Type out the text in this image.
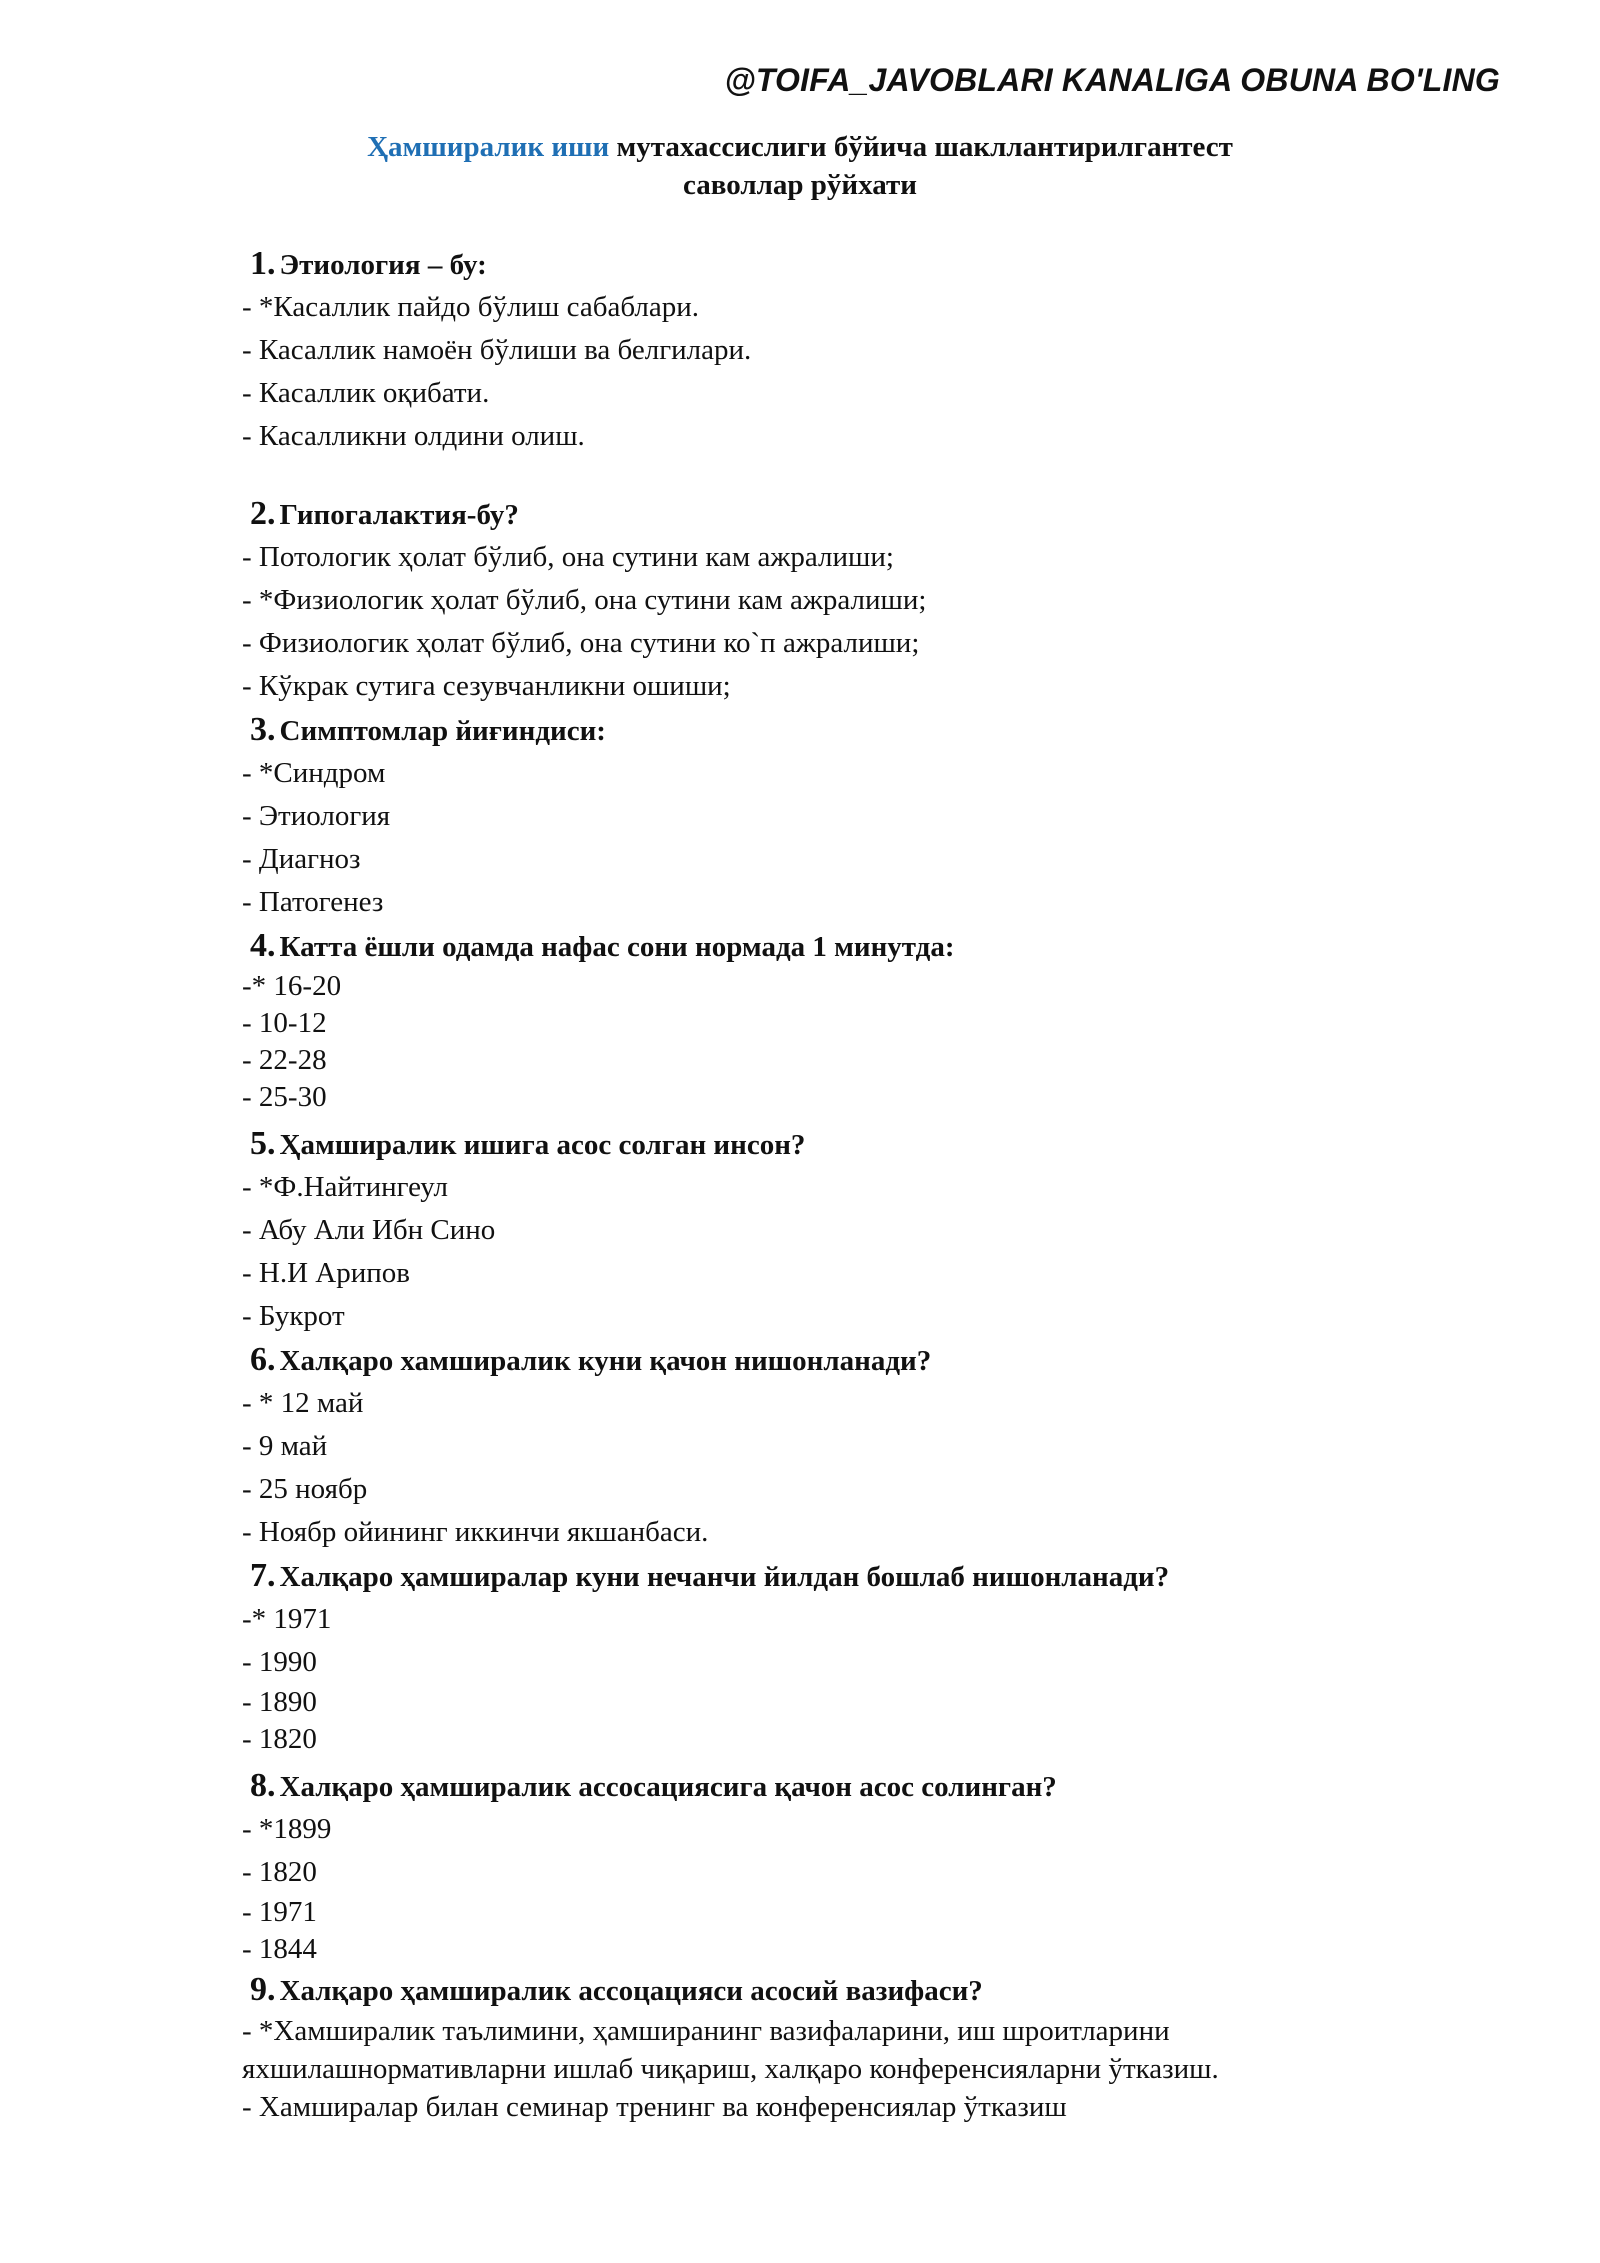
@TOIFA_JAVOBLARI KANALIGA OBUNA BO'LING
Ҳамширалик иши мутахассислиги бўйича шакллантирилгантест
саволлар рўйхати
1. Этиология – бу:
- *Касаллик пайдо бўлиш сабаблари.
- Касаллик намоён бўлиши ва белгилари.
- Касаллик оқибати.
- Касалликни олдини олиш.
2. Гипогалактия-бу?
- Потологик ҳолат бўлиб, она сутини кам ажралиши;
- *Физиологик ҳолат бўлиб, она сутини кам ажралиши;
- Физиологик ҳолат бўлиб, она сутини ко`п ажралиши;
- Кўкрак сутига сезувчанликни ошиши;
3. Симптомлар йиғиндиси:
- *Синдром
- Этиология
- Диагноз
- Патогенез
4. Катта ёшли одамда нафас сони нормада 1 минутда:
-* 16-20
- 10-12
- 22-28
- 25-30
5. Ҳамширалик ишига асос солган инсон?
- *Ф.Найтингеул
- Абу Али Ибн Сино
- Н.И Арипов
- Букрот
6. Халқаро хамширалик куни қачон нишонланади?
- * 12 май
- 9 май
- 25 ноябр
- Ноябр ойининг иккинчи якшанбаси.
7. Халқаро ҳамширалар куни нечанчи йилдан бошлаб нишонланади?
-* 1971
- 1990
- 1890
- 1820
8. Халқаро ҳамширалик ассосациясига қачон асос солинган?
- *1899
- 1820
- 1971
- 1844
9. Халқаро ҳамширалик ассоцацияси асосий вазифаси?
- *Хамширалик таълимини, ҳамширанинг вазифаларини, иш шроитларини яхшилашнормативларни ишлаб чиқариш, халқаро конференсияларни ўтказиш.
- Хамширалар билан семинар тренинг ва конференсиялар ўтказиш
